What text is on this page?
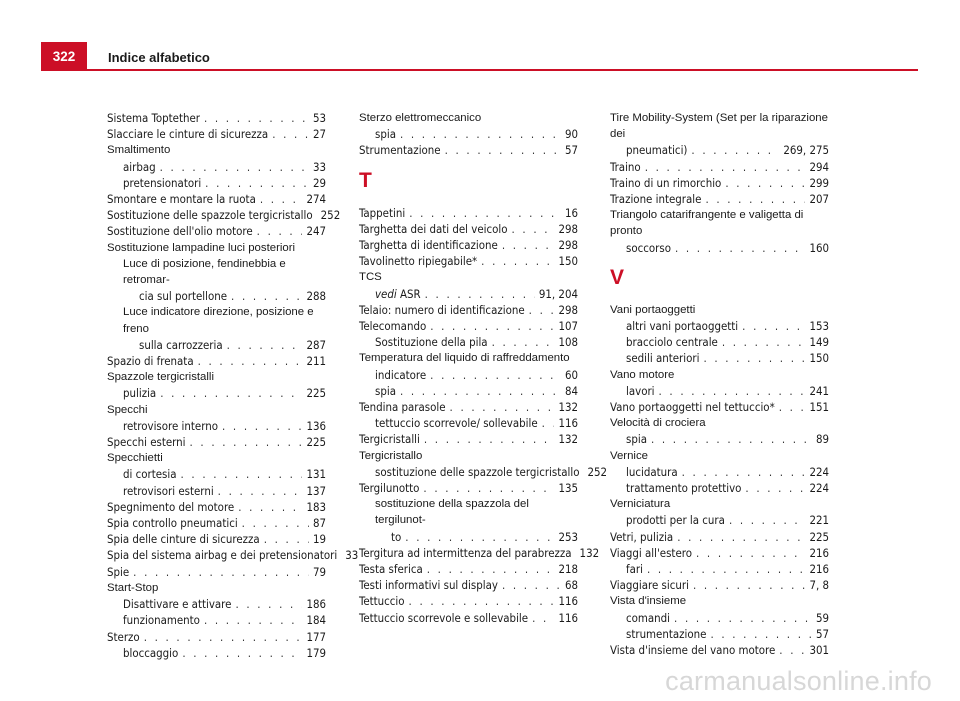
322	Indice alfabetico
Sistema Toptether . . .	53
Slacciare le cinture di sicurezza . . .	27
Smaltimento
airbag . . .	33
pretensionatori . . .	29
Smontare e montare la ruota . . .	274
Sostituzione delle spazzole tergicristallo 252
Sostituzione dell'olio motore . . .	247
Sostituzione lampadine luci posteriori
Luce di posizione, fendinebbia e retromar-
cia sul portellone . . .	288
Luce indicatore direzione, posizione e freno
sulla carrozzeria . . .	287
Spazio di frenata . . .	211
Spazzole tergicristalli
pulizia . . .	225
Specchi
retrovisore interno . . .	136
Specchi esterni . . .	225
Specchietti
di cortesia . . .	131
retrovisori esterni . . .	137
Spegnimento del motore . . .	183
Spia controllo pneumatici . . .	87
Spia delle cinture di sicurezza . . .	19
Spia del sistema airbag e dei pretensionatori 33
Spie . . .	79
Start-Stop
Disattivare e attivare . . .	186
funzionamento . . .	184
Sterzo . . .	177
bloccaggio . . .	179
Sterzo elettromeccanico
spia . . .	90
Strumentazione . . .	57
T
Tappetini . . .	16
Targhetta dei dati del veicolo . . .	298
Targhetta di identificazione . . .	298
Tavolinetto ripiegabile* . . .	150
TCS
vedi ASR . . .	91, 204
Telaio: numero di identificazione . . .	298
Telecomando . . .	107
Sostituzione della pila . . .	108
Temperatura del liquido di raffreddamento
indicatore . . .	60
spia . . .	84
Tendina parasole . . .	132
tettuccio scorrevole/ sollevabile . . . 116
Tergicristalli . . .	132
Tergicristallo
sostituzione delle spazzole tergicristallo 252
Tergilunotto . . .	135
sostituzione della spazzola del tergilunot-
to . . .	253
Tergitura ad intermittenza del parabrezza 132
Testa sferica . . .	218
Testi informativi sul display . . .	68
Tettuccio . . .	116
Tettuccio scorrevole e sollevabile . . .	116
Tire Mobility-System (Set per la riparazione dei
pneumatici) . . .	269, 275
Traino . . .	294
Traino di un rimorchio . . .	299
Trazione integrale . . .	207
Triangolo catarifrangente e valigetta di pronto
soccorso . . .	160
V
Vani portaoggetti
altri vani portaoggetti . . .	153
bracciolo centrale . . .	149
sedili anteriori . . .	150
Vano motore
lavori . . .	241
Vano portaoggetti nel tettuccio* . . .	151
Velocità di crociera
spia . . .	89
Vernice
lucidatura . . .	224
trattamento protettivo . . .	224
Verniciatura
prodotti per la cura . . .	221
Vetri, pulizia . . .	225
Viaggi all'estero . . .	216
fari . . .	216
Viaggiare sicuri . . .	7, 8
Vista d'insieme
comandi . . .	59
strumentazione . . .	57
Vista d'insieme del vano motore . . .	301
carmanualsonline.info
